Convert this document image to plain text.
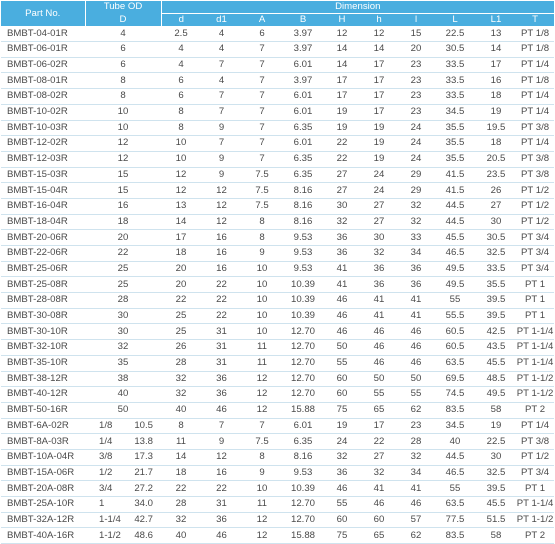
Part No.	Tube OD		Dimension									
	D		d	d1	A	B	H	h	l	L	L1	T
BMBT-04-01R	4		2.5	4	6	3.97	12	12	15	22.5	13	PT 1/8
BMBT-06-01R	6		4	4	7	3.97	14	14	20	30.5	14	PT 1/8
BMBT-06-02R	6		4	7	7	6.01	14	17	23	33.5	17	PT 1/4
BMBT-08-01R	8		6	4	7	3.97	17	17	23	33.5	16	PT 1/8
BMBT-08-02R	8		6	7	7	6.01	17	17	23	33.5	18	PT 1/4
BMBT-10-02R	10		8	7	7	6.01	19	17	23	34.5	19	PT 1/4
BMBT-10-03R	10		8	9	7	6.35	19	19	24	35.5	19.5	PT 3/8
BMBT-12-02R	12		10	7	7	6.01	22	19	24	35.5	18	PT 1/4
BMBT-12-03R	12		10	9	7	6.35	22	19	24	35.5	20.5	PT 3/8
BMBT-15-03R	15		12	9	7.5	6.35	27	24	29	41.5	23.5	PT 3/8
BMBT-15-04R	15		12	12	7.5	8.16	27	24	29	41.5	26	PT 1/2
BMBT-16-04R	16		13	12	7.5	8.16	30	27	32	44.5	27	PT 1/2
BMBT-18-04R	18		14	12	8	8.16	32	27	32	44.5	30	PT 1/2
BMBT-20-06R	20		17	16	8	9.53	36	30	33	45.5	30.5	PT 3/4
BMBT-22-06R	22		18	16	9	9.53	36	32	34	46.5	32.5	PT 3/4
BMBT-25-06R	25		20	16	10	9.53	41	36	36	49.5	33.5	PT 3/4
BMBT-25-08R	25		20	22	10	10.39	41	36	36	49.5	35.5	PT 1
BMBT-28-08R	28		22	22	10	10.39	46	41	41	55	39.5	PT 1
BMBT-30-08R	30		25	22	10	10.39	46	41	41	55.5	39.5	PT 1
BMBT-30-10R	30		25	31	10	12.70	46	46	46	60.5	42.5	PT 1-1/4
BMBT-32-10R	32		26	31	11	12.70	50	46	46	60.5	43.5	PT 1-1/4
BMBT-35-10R	35		28	31	11	12.70	55	46	46	63.5	45.5	PT 1-1/4
BMBT-38-12R	38		32	36	12	12.70	60	50	50	69.5	48.5	PT 1-1/2
BMBT-40-12R	40		32	36	12	12.70	60	55	55	74.5	49.5	PT 1-1/2
BMBT-50-16R	50		40	46	12	15.88	75	65	62	83.5	58	PT 2
BMBT-6A-02R	1/8	10.5	8	7	7	6.01	19	17	23	34.5	19	PT 1/4
BMBT-8A-03R	1/4	13.8	11	9	7.5	6.35	24	22	28	40	22.5	PT 3/8
BMBT-10A-04R	3/8	17.3	14	12	8	8.16	32	27	32	44.5	30	PT 1/2
BMBT-15A-06R	1/2	21.7	18	16	9	9.53	36	32	34	46.5	32.5	PT 3/4
BMBT-20A-08R	3/4	27.2	22	22	10	10.39	46	41	41	55	39.5	PT 1
BMBT-25A-10R	1	34.0	28	31	11	12.70	55	46	46	63.5	45.5	PT 1-1/4
BMBT-32A-12R	1-1/4	42.7	32	36	12	12.70	60	60	57	77.5	51.5	PT 1-1/2
BMBT-40A-16R	1-1/2	48.6	40	46	12	15.88	75	65	62	83.5	58	PT 2
